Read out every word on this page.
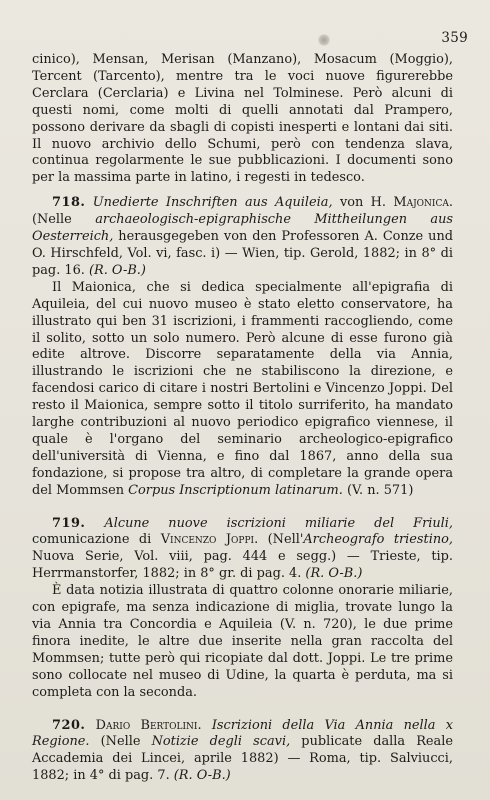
359

cinico), Mensan, Merisan (Manzano), Mosacum (Moggio), Tercent (Tarcento), mentre tra le voci nuove figurerebbe Cerclara (Cerclaria) e Livina nel Tolminese. Però alcuni di questi nomi, come molti di quelli annotati dal Prampero, possono derivare da sbagli di copisti inesperti e lontani dai siti. Il nuovo archivio dello Schumi, però con tendenza slava, continua regolarmente le sue pubblicazioni. I documenti sono per la massima parte in latino, i regesti in tedesco.

718. Unedierte Inschriften aus Aquileia, von H. Majonica. (Nelle archaeologisch-epigraphische Mittheilungen aus Oesterreich, herausgegeben von den Professoren A. Conze und O. Hirschfeld, Vol. vi, fasc. i) — Wien, tip. Gerold, 1882; in 8° di pag. 16. (R. O-B.)

Il Maionica, che si dedica specialmente all'epigrafia di Aquileia, del cui nuovo museo è stato eletto conservatore, ha illustrato qui ben 31 iscrizioni, i frammenti raccogliendo, come il solito, sotto un solo numero. Però alcune di esse furono già edite altrove. Discorre separatamente della via Annia, illustrando le iscrizioni che ne stabiliscono la direzione, e facendosi carico di citare i nostri Bertolini e Vincenzo Joppi. Del resto il Maionica, sempre sotto il titolo surriferito, ha mandato larghe contribuzioni al nuovo periodico epigrafico viennese, il quale è l'organo del seminario archeologico-epigrafico dell'università di Vienna, e fino dal 1867, anno della sua fondazione, si propose tra altro, di completare la grande opera del Mommsen Corpus Inscriptionum latinarum. (V. n. 571)

719. Alcune nuove iscrizioni miliarie del Friuli, comunicazione di Vincenzo Joppi. (Nell'Archeografo triestino, Nuova Serie, Vol. viii, pag. 444 e segg.) — Trieste, tip. Herrmanstorfer, 1882; in 8° gr. di pag. 4. (R. O-B.)

È data notizia illustrata di quattro colonne onorarie miliarie, con epigrafe, ma senza indicazione di miglia, trovate lungo la via Annia tra Concordia e Aquileia (V. n. 720), le due prime finora inedite, le altre due inserite nella gran raccolta del Mommsen; tutte però qui ricopiate dal dott. Joppi. Le tre prime sono collocate nel museo di Udine, la quarta è perduta, ma si completa con la seconda.

720. Dario Bertolini. Iscrizioni della Via Annia nella x Regione. (Nelle Notizie degli scavi, publicate dalla Reale Accademia dei Lincei, aprile 1882) — Roma, tip. Salviucci, 1882; in 4° di pag. 7. (R. O-B.)
